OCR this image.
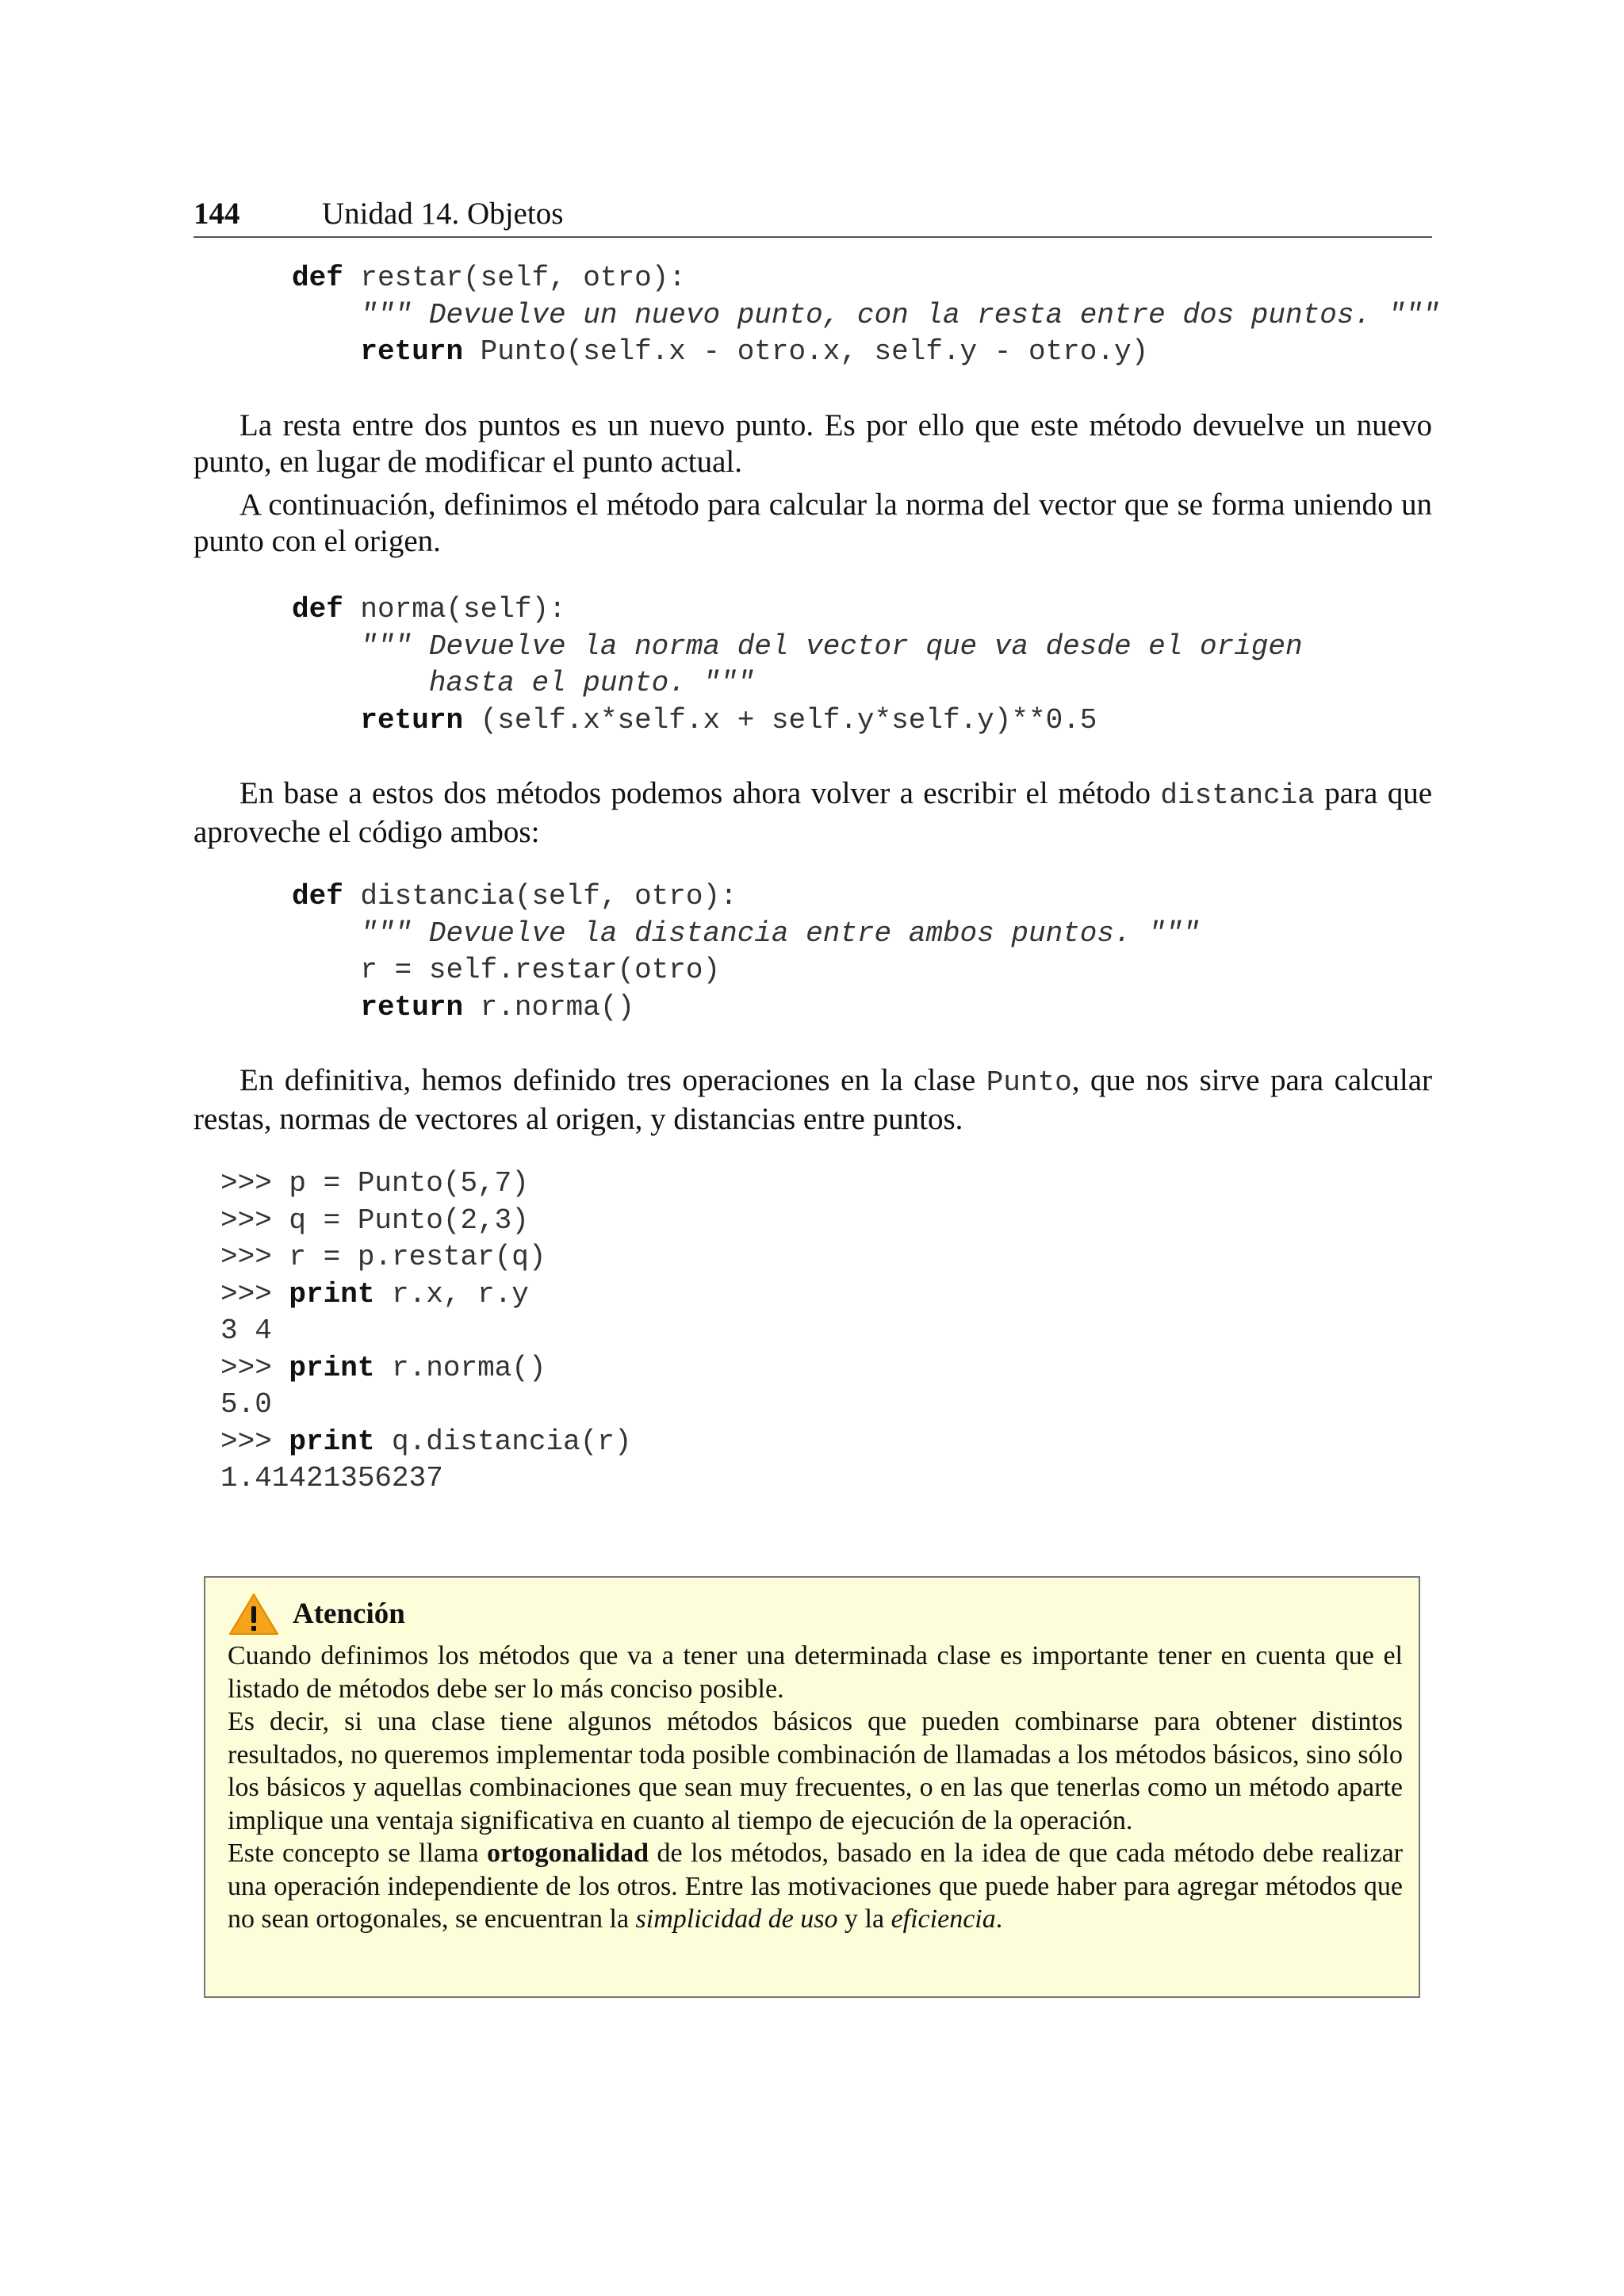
144	Unidad 14. Objetos
def restar(self, otro):
""" Devuelve un nuevo punto, con la resta entre dos puntos. """
return Punto(self.x - otro.x, self.y - otro.y)
La resta entre dos puntos es un nuevo punto. Es por ello que este método devuelve un nuevo punto, en lugar de modificar el punto actual.
A continuación, definimos el método para calcular la norma del vector que se forma uniendo un punto con el origen.
def norma(self):
""" Devuelve la norma del vector que va desde el origen
hasta el punto. """
return (self.x*self.x + self.y*self.y)**0.5
En base a estos dos métodos podemos ahora volver a escribir el método distancia para que aproveche el código ambos:
def distancia(self, otro):
""" Devuelve la distancia entre ambos puntos. """
r = self.restar(otro)
return r.norma()
En definitiva, hemos definido tres operaciones en la clase Punto, que nos sirve para calcular restas, normas de vectores al origen, y distancias entre puntos.
>>> p = Punto(5,7)
>>> q = Punto(2,3)
>>> r = p.restar(q)
>>> print r.x, r.y
3 4
>>> print r.norma()
5.0
>>> print q.distancia(r)
1.41421356237
Atención

Cuando definimos los métodos que va a tener una determinada clase es importante tener en cuenta que el listado de métodos debe ser lo más conciso posible.

Es decir, si una clase tiene algunos métodos básicos que pueden combinarse para obtener distintos resultados, no queremos implementar toda posible combinación de llamadas a los métodos básicos, sino sólo los básicos y aquellas combinaciones que sean muy frecuentes, o en las que tenerlas como un método aparte implique una ventaja significativa en cuanto al tiempo de ejecución de la operación.

Este concepto se llama ortogonalidad de los métodos, basado en la idea de que cada método debe realizar una operación independiente de los otros. Entre las motivaciones que puede haber para agregar métodos que no sean ortogonales, se encuentran la simplicidad de uso y la eficiencia.
